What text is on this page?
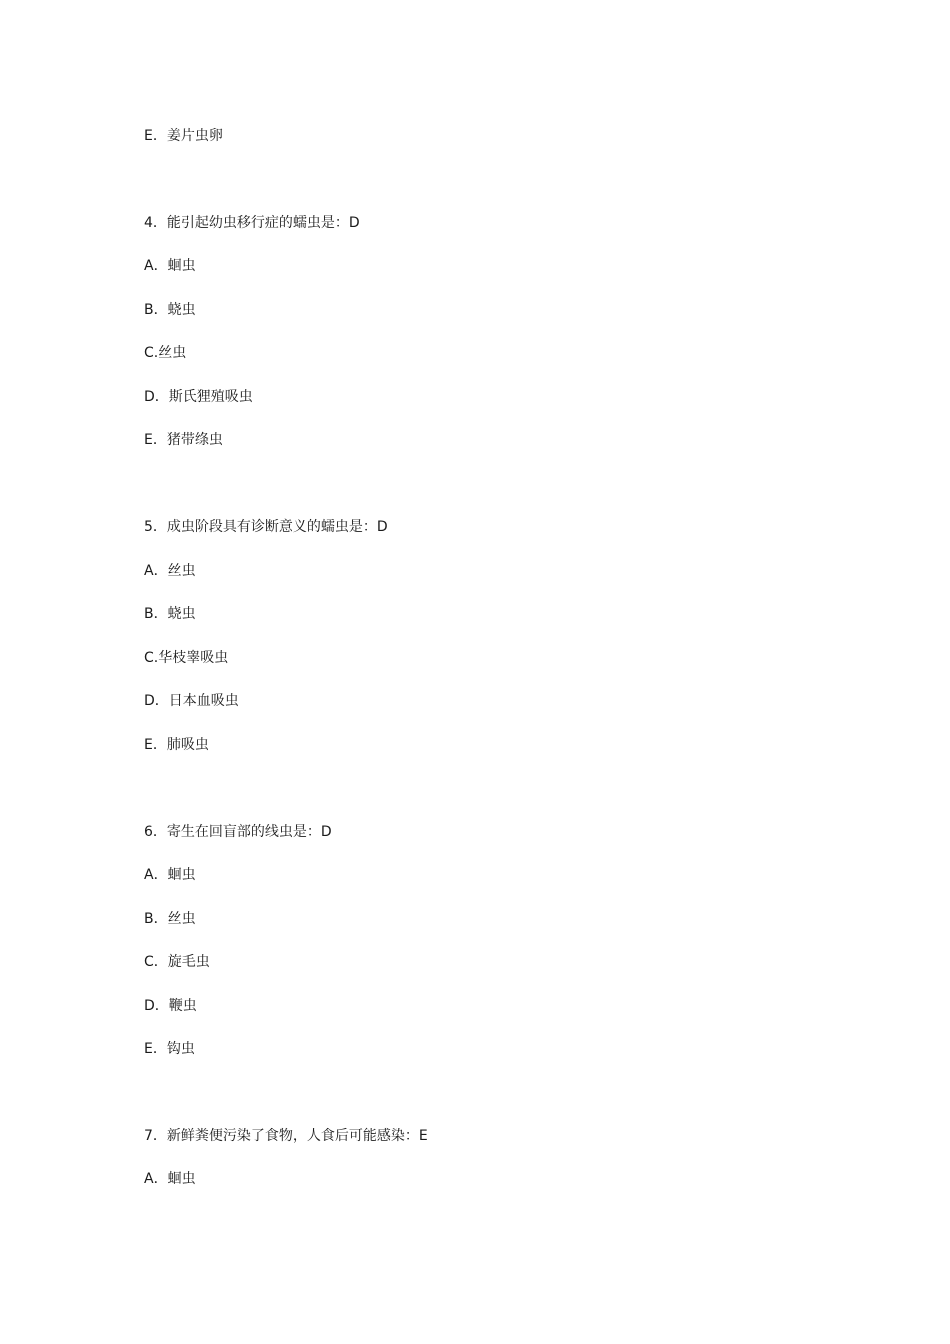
E．姜片虫卵
4．能引起幼虫移行症的蠕虫是：D
A．蛔虫
B．蛲虫
C.丝虫
D．斯氏狸殖吸虫
E．猪带绦虫
5．成虫阶段具有诊断意义的蠕虫是：D
A．丝虫
B．蛲虫
C.华枝睾吸虫
D．日本血吸虫
E．肺吸虫
6．寄生在回盲部的线虫是：D
A．蛔虫
B．丝虫
C．旋毛虫
D．鞭虫
E．钩虫
7．新鲜粪便污染了食物，人食后可能感染：E
A．蛔虫
